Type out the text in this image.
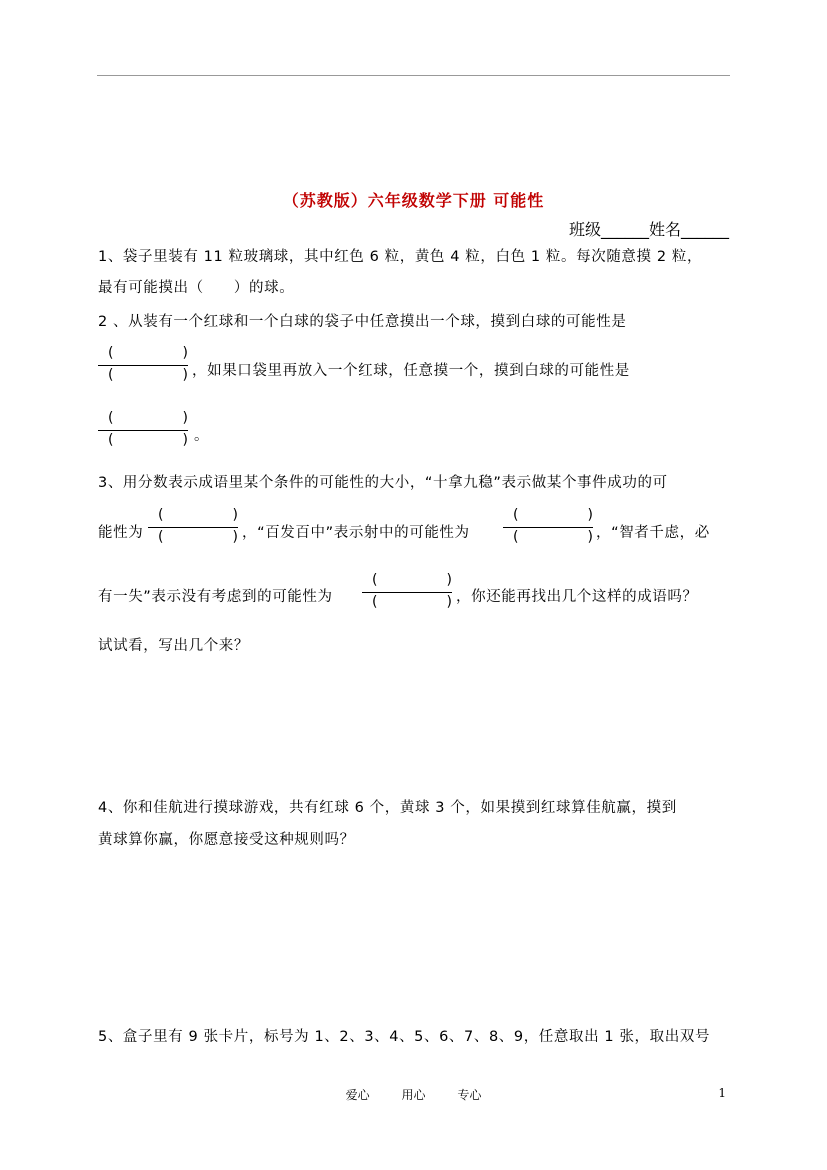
（苏教版）六年级数学下册 可能性
班级______姓名______
1、袋子里装有 11 粒玻璃球，其中红色 6 粒，黄色 4 粒，白色 1 粒。每次随意摸 2 粒，
最有可能摸出（　　）的球。
2 、从装有一个红球和一个白球的袋子中任意摸出一个球，摸到白球的可能性是
(	)
(	) ，如果口袋里再放入一个红球，任意摸一个，摸到白球的可能性是
(	)
(	) 。
3、用分数表示成语里某个条件的可能性的大小，“十拿九稳”表示做某个事件成功的可
能性为
(	)
(	) ，“百发百中”表示射中的可能性为
(	)
(	) ，“智者千虑，必
有一失”表示没有考虑到的可能性为
(	)
(	) ，你还能再找出几个这样的成语吗？
试试看，写出几个来？
4、你和佳航进行摸球游戏，共有红球 6 个，黄球 3 个，如果摸到红球算佳航赢，摸到
黄球算你赢，你愿意接受这种规则吗？
5、盒子里有 9 张卡片，标号为 1、2、3、4、5、6、7、8、9，任意取出 1 张，取出双号
爱心	用心	专心	1
